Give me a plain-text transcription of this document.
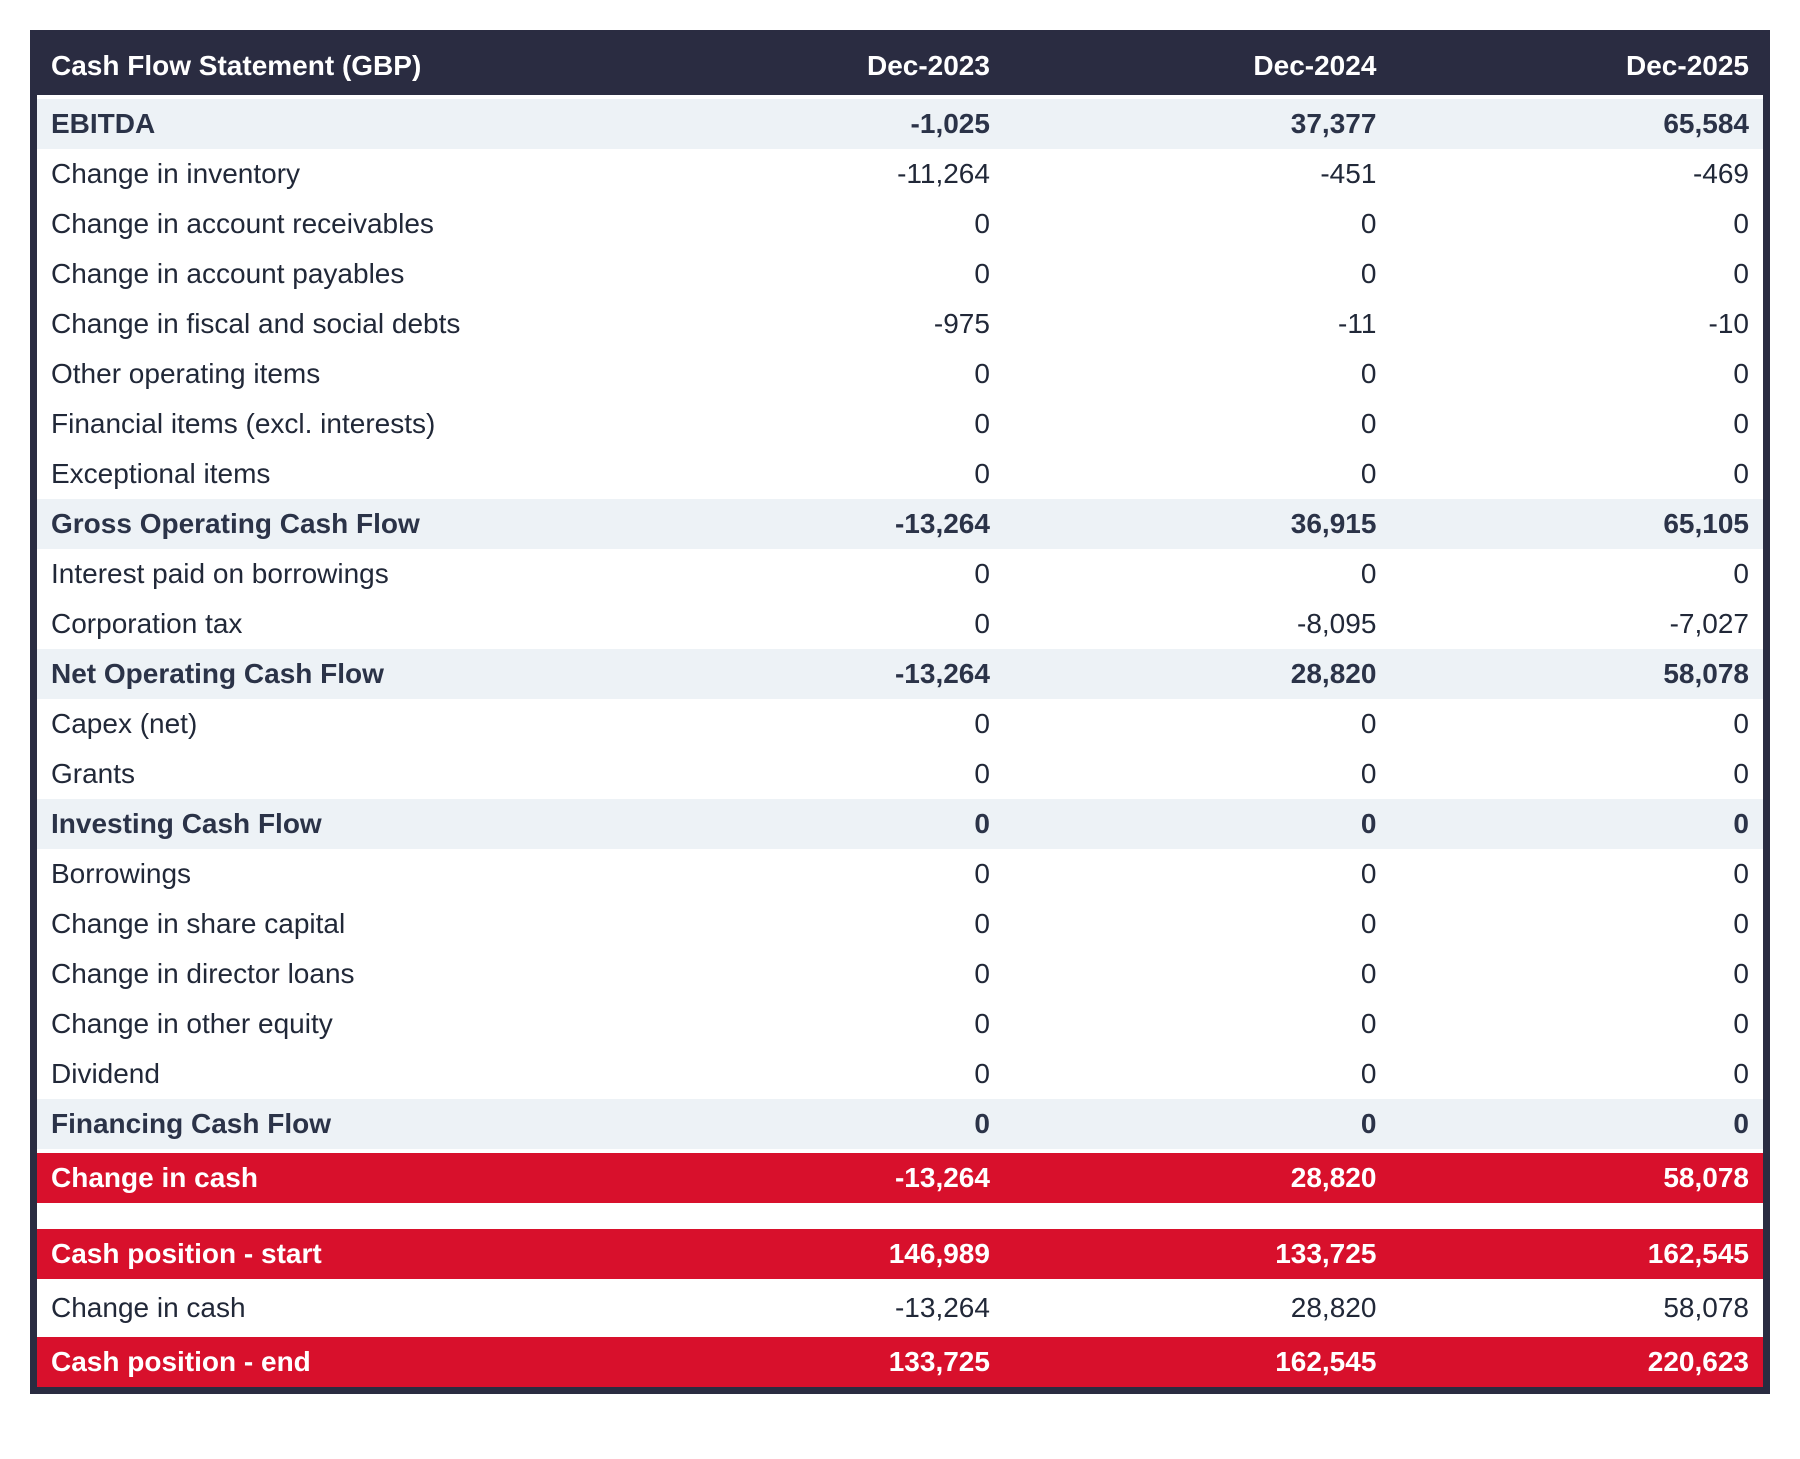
Cash Flow Statement (GBP)	Dec-2023	Dec-2024	Dec-2025
EBITDA	-1,025	37,377	65,584
Change in inventory	-11,264	-451	-469
Change in account receivables	0	0	0
Change in account payables	0	0	0
Change in fiscal and social debts	-975	-11	-10
Other operating items	0	0	0
Financial items (excl. interests)	0	0	0
Exceptional items	0	0	0
Gross Operating Cash Flow	-13,264	36,915	65,105
Interest paid on borrowings	0	0	0
Corporation tax	0	-8,095	-7,027
Net Operating Cash Flow	-13,264	28,820	58,078
Capex (net)	0	0	0
Grants	0	0	0
Investing Cash Flow	0	0	0
Borrowings	0	0	0
Change in share capital	0	0	0
Change in director loans	0	0	0
Change in other equity	0	0	0
Dividend	0	0	0
Financing Cash Flow	0	0	0
Change in cash	-13,264	28,820	58,078

Cash position - start	146,989	133,725	162,545
Change in cash	-13,264	28,820	58,078
Cash position - end	133,725	162,545	220,623
